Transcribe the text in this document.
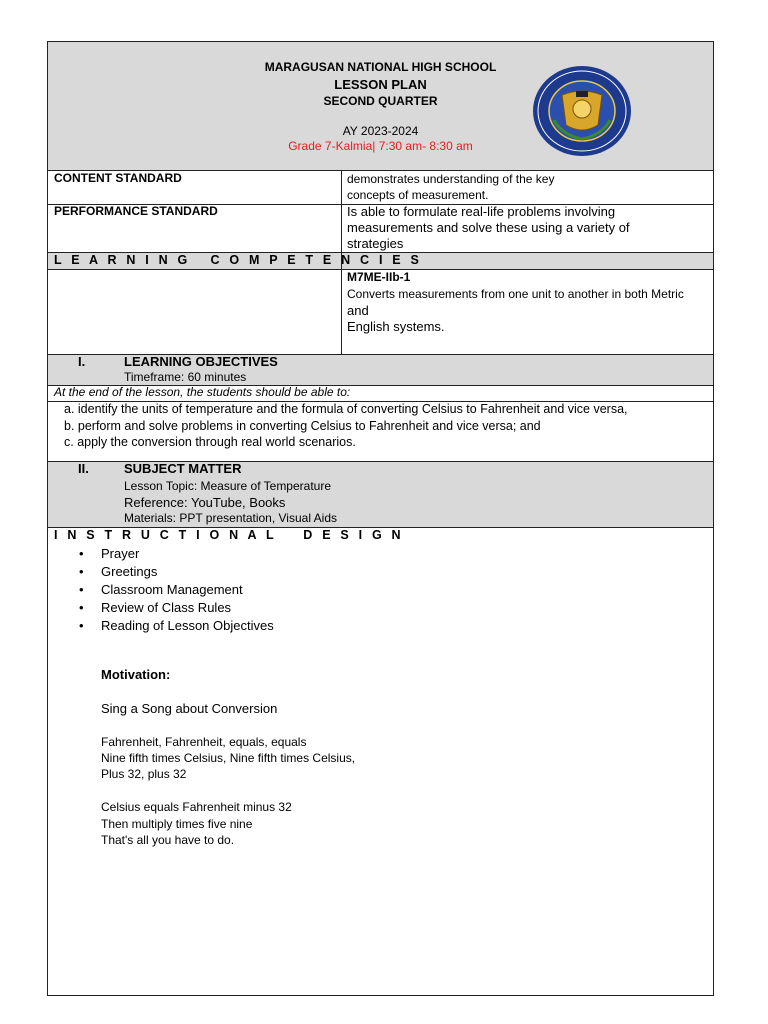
MARAGUSAN NATIONAL HIGH SCHOOL
LESSON PLAN
SECOND QUARTER
AY 2023-2024
Grade 7-Kalmia| 7:30 am- 8:30 am
CONTENT STANDARD	demonstrates understanding of the key
concepts of measurement.
PERFORMANCE STANDARD	Is able to formulate real-life problems involving
measurements and solve these using a variety of
strategies
L E A R N I N G   C O M P E T E N C I E S
M7ME-IIb-1
Converts measurements from one unit to another in both Metric
and
English systems.
I.	LEARNING OBJECTIVES
Timeframe: 60 minutes
At the end of the lesson, the students should be able to:
a. identify the units of temperature and the formula of converting Celsius to Fahrenheit and vice versa,
b. perform and solve problems in converting Celsius to Fahrenheit and vice versa; and
c. apply the conversion through real world scenarios.
II.	SUBJECT MATTER
Lesson Topic: Measure of Temperature
Reference: YouTube, Books
Materials: PPT presentation, Visual Aids
I N S T R U C T I O N A L    D E S I G N
• Prayer
• Greetings
• Classroom Management
• Review of Class Rules
• Reading of Lesson Objectives
Motivation:
Sing a Song about Conversion
Fahrenheit, Fahrenheit, equals, equals
Nine fifth times Celsius, Nine fifth times Celsius,
Plus 32, plus 32
Celsius equals Fahrenheit minus 32
Then multiply times five nine
That's all you have to do.
